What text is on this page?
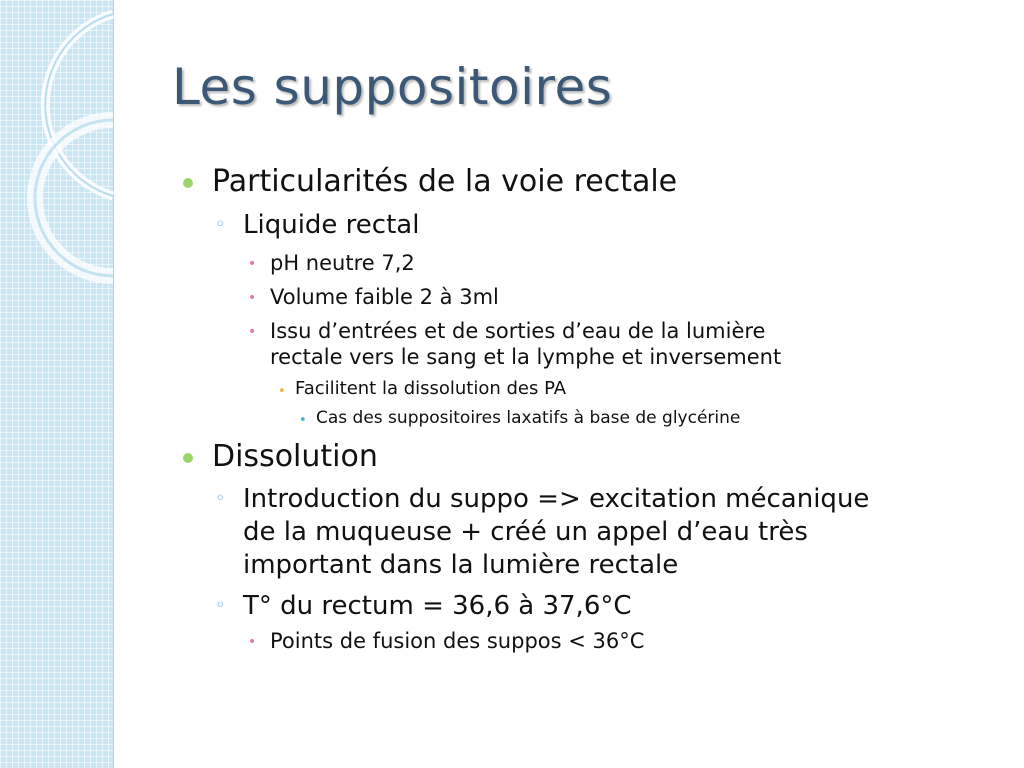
Les suppositoires
Particularités de la voie rectale
◦ Liquide rectal
• pH neutre 7,2
• Volume faible 2 à 3ml
• Issu d’entrées et de sorties d’eau de la lumière
rectale vers le sang et la lymphe et inversement
• Facilitent la dissolution des PA
• Cas des suppositoires laxatifs à base de glycérine
Dissolution
◦ Introduction du suppo => excitation mécanique
de la muqueuse + créé un appel d’eau très
important dans la lumière rectale
◦ T° du rectum = 36,6 à 37,6°C
• Points de fusion des suppos < 36°C
